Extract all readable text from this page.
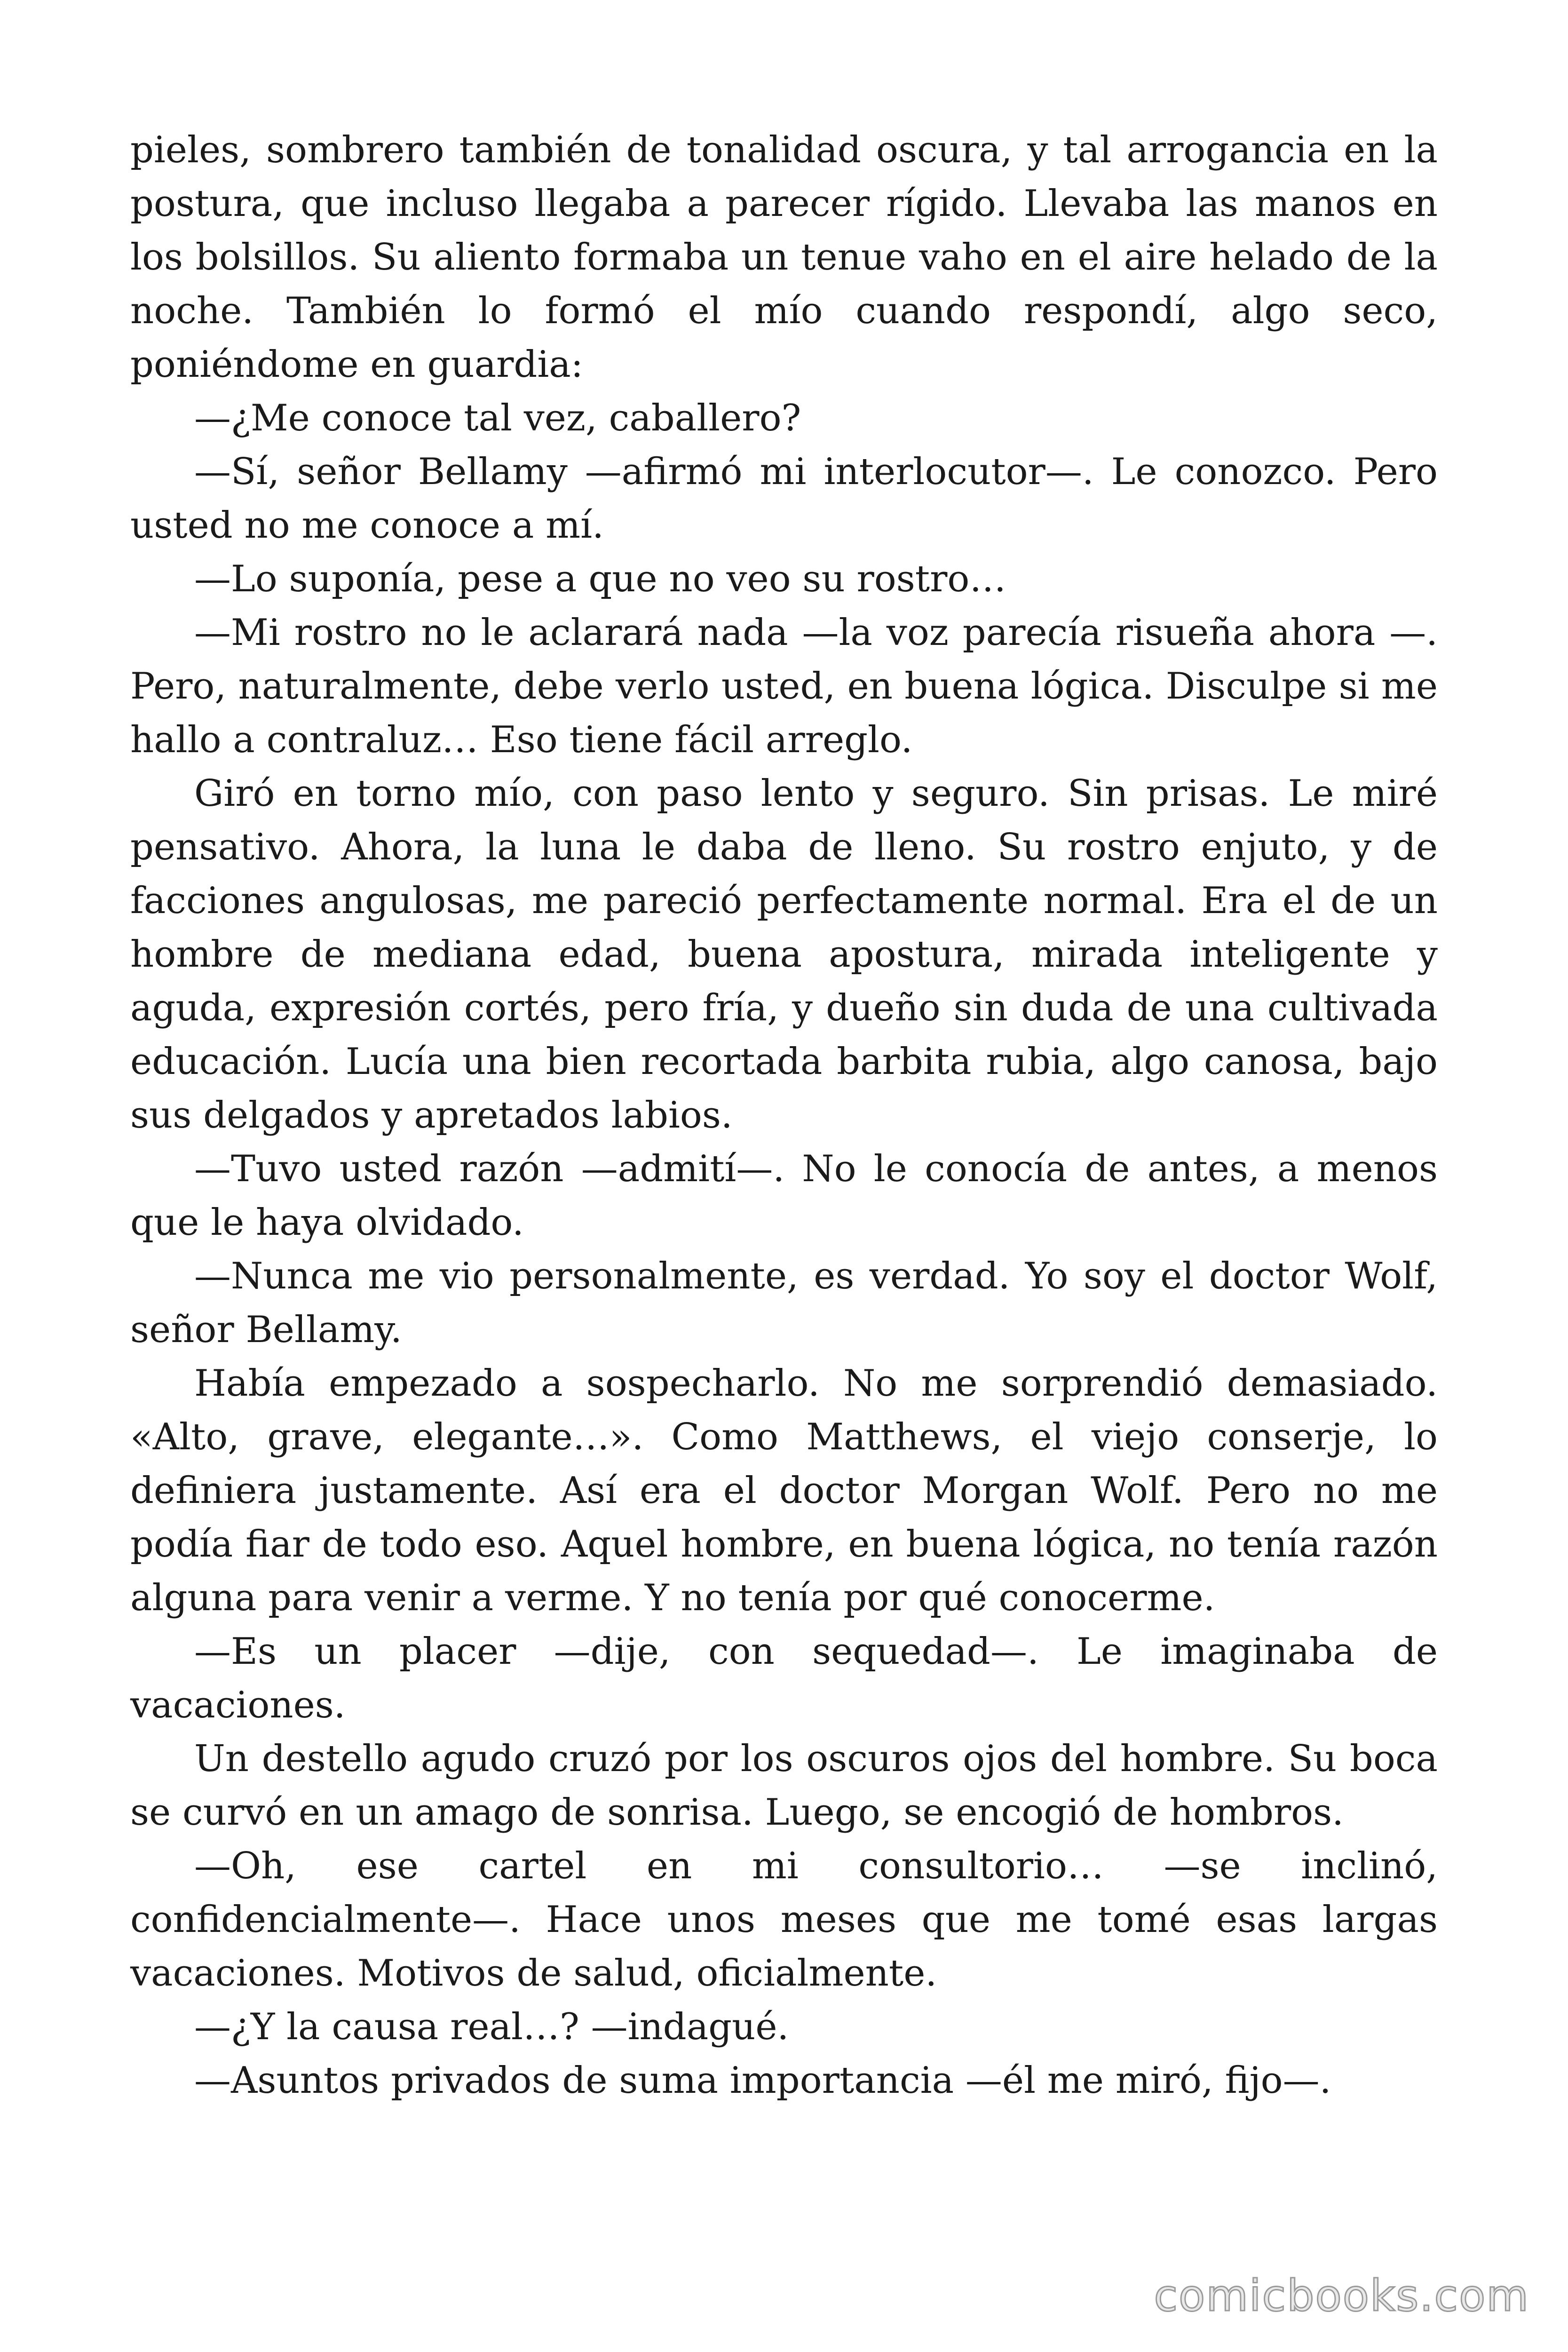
pieles, sombrero también de tonalidad oscura, y tal arrogancia en la postura, que incluso llegaba a parecer rígido. Llevaba las manos en los bolsillos. Su aliento formaba un tenue vaho en el aire helado de la noche. También lo formó el mío cuando respondí, algo seco, poniéndome en guardia:

—¿Me conoce tal vez, caballero?

—Sí, señor Bellamy —afirmó mi interlocutor—. Le conozco. Pero usted no me conoce a mí.

—Lo suponía, pese a que no veo su rostro…

—Mi rostro no le aclarará nada —la voz parecía risueña ahora —. Pero, naturalmente, debe verlo usted, en buena lógica. Disculpe si me hallo a contraluz… Eso tiene fácil arreglo.

Giró en torno mío, con paso lento y seguro. Sin prisas. Le miré pensativo. Ahora, la luna le daba de lleno. Su rostro enjuto, y de facciones angulosas, me pareció perfectamente normal. Era el de un hombre de mediana edad, buena apostura, mirada inteligente y aguda, expresión cortés, pero fría, y dueño sin duda de una cultivada educación. Lucía una bien recortada barbita rubia, algo canosa, bajo sus delgados y apretados labios.

—Tuvo usted razón —admití—. No le conocía de antes, a menos que le haya olvidado.

—Nunca me vio personalmente, es verdad. Yo soy el doctor Wolf, señor Bellamy.

Había empezado a sospecharlo. No me sorprendió demasiado. «Alto, grave, elegante…». Como Matthews, el viejo conserje, lo definiera justamente. Así era el doctor Morgan Wolf. Pero no me podía fiar de todo eso. Aquel hombre, en buena lógica, no tenía razón alguna para venir a verme. Y no tenía por qué conocerme.

—Es un placer —dije, con sequedad—. Le imaginaba de vacaciones.

Un destello agudo cruzó por los oscuros ojos del hombre. Su boca se curvó en un amago de sonrisa. Luego, se encogió de hombros.

—Oh, ese cartel en mi consultorio… —se inclinó, confidencialmente—. Hace unos meses que me tomé esas largas vacaciones. Motivos de salud, oficialmente.

—¿Y la causa real…? —indagué.

—Asuntos privados de suma importancia —él me miró, fijo—.

comicbooks.com
